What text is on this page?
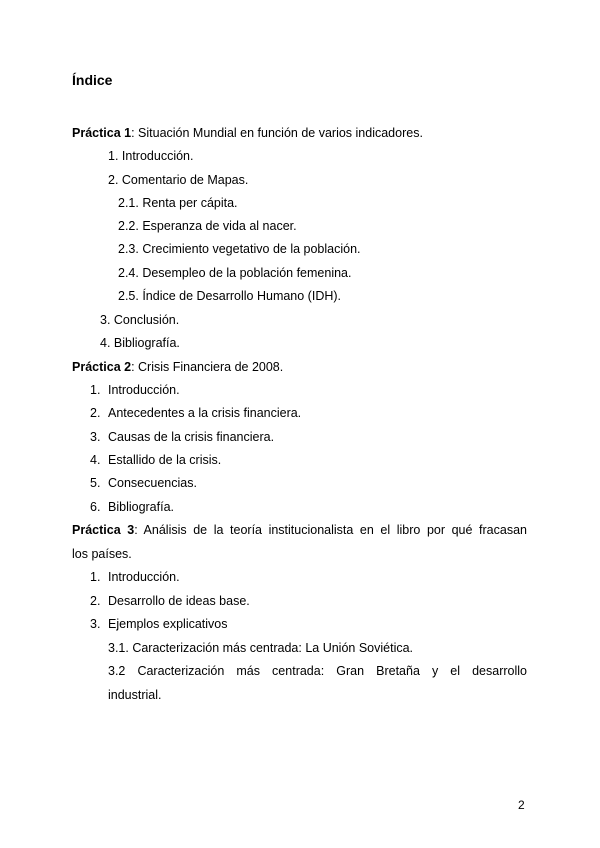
Índice
Práctica 1: Situación Mundial en función de varios indicadores.
1. Introducción.
2. Comentario de Mapas.
2.1. Renta per cápita.
2.2. Esperanza de vida al nacer.
2.3. Crecimiento vegetativo de la población.
2.4. Desempleo de la población femenina.
2.5. Índice de Desarrollo Humano (IDH).
3. Conclusión.
4. Bibliografía.
Práctica 2: Crisis Financiera de 2008.
1. Introducción.
2. Antecedentes a la crisis financiera.
3. Causas de la crisis financiera.
4. Estallido de la crisis.
5. Consecuencias.
6. Bibliografía.
Práctica 3: Análisis de la teoría institucionalista en el libro por qué fracasan
los países.
1. Introducción.
2. Desarrollo de ideas base.
3. Ejemplos explicativos
3.1. Caracterización más centrada: La Unión Soviética.
3.2 Caracterización más centrada: Gran Bretaña y el desarrollo
industrial.
2
